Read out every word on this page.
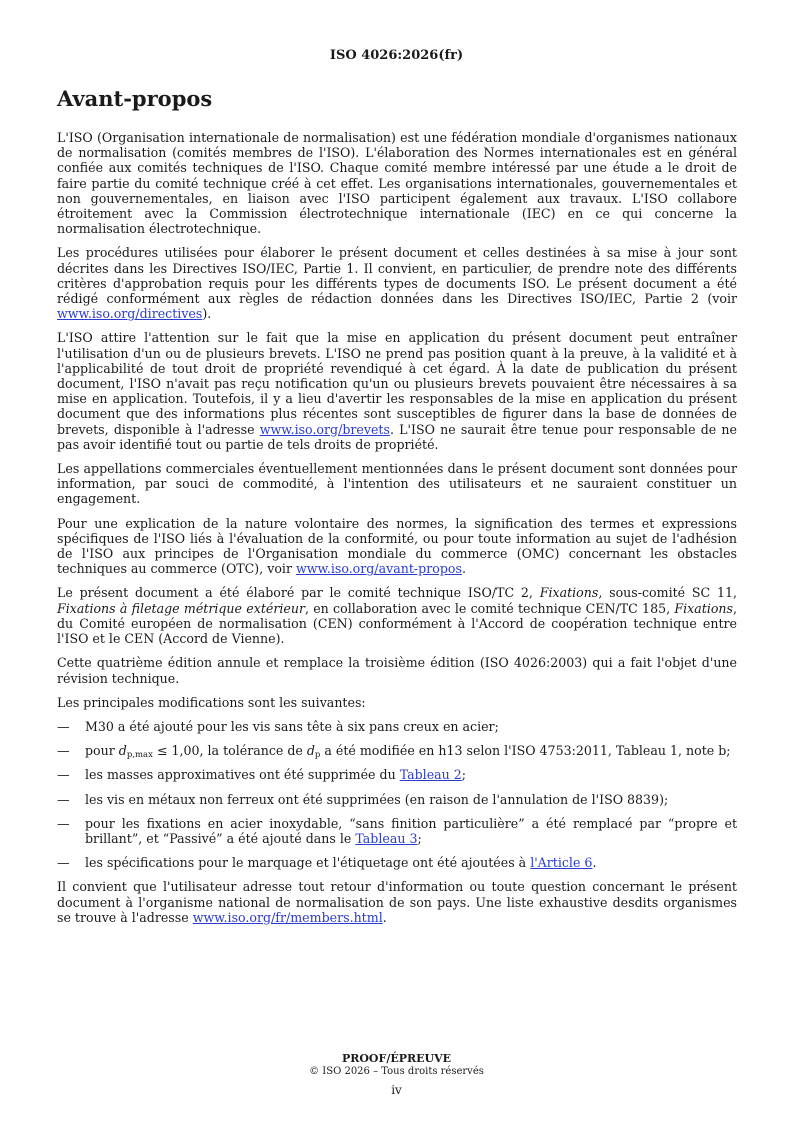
ISO 4026:2026(fr)
Avant-propos

L'ISO (Organisation internationale de normalisation) est une fédération mondiale d'organismes nationaux de normalisation (comités membres de l'ISO). L'élaboration des Normes internationales est en général confiée aux comités techniques de l'ISO. Chaque comité membre intéressé par une étude a le droit de faire partie du comité technique créé à cet effet. Les organisations internationales, gouvernementales et non gouvernementales, en liaison avec l'ISO participent également aux travaux. L'ISO collabore étroitement avec la Commission électrotechnique internationale (IEC) en ce qui concerne la normalisation électrotechnique.

Les procédures utilisées pour élaborer le présent document et celles destinées à sa mise à jour sont décrites dans les Directives ISO/IEC, Partie 1. Il convient, en particulier, de prendre note des différents critères d'approbation requis pour les différents types de documents ISO. Le présent document a été rédigé conformément aux règles de rédaction données dans les Directives ISO/IEC, Partie 2 (voir www.iso.org/directives).

L'ISO attire l'attention sur le fait que la mise en application du présent document peut entraîner l'utilisation d'un ou de plusieurs brevets. L'ISO ne prend pas position quant à la preuve, à la validité et à l'applicabilité de tout droit de propriété revendiqué à cet égard. À la date de publication du présent document, l'ISO n'avait pas reçu notification qu'un ou plusieurs brevets pouvaient être nécessaires à sa mise en application. Toutefois, il y a lieu d'avertir les responsables de la mise en application du présent document que des informations plus récentes sont susceptibles de figurer dans la base de données de brevets, disponible à l'adresse www.iso.org/brevets. L'ISO ne saurait être tenue pour responsable de ne pas avoir identifié tout ou partie de tels droits de propriété.

Les appellations commerciales éventuellement mentionnées dans le présent document sont données pour information, par souci de commodité, à l'intention des utilisateurs et ne sauraient constituer un engagement.

Pour une explication de la nature volontaire des normes, la signification des termes et expressions spécifiques de l'ISO liés à l'évaluation de la conformité, ou pour toute information au sujet de l'adhésion de l'ISO aux principes de l'Organisation mondiale du commerce (OMC) concernant les obstacles techniques au commerce (OTC), voir www.iso.org/avant-propos.

Le présent document a été élaboré par le comité technique ISO/TC 2, Fixations, sous-comité SC 11, Fixations à filetage métrique extérieur, en collaboration avec le comité technique CEN/TC 185, Fixations, du Comité européen de normalisation (CEN) conformément à l'Accord de coopération technique entre l'ISO et le CEN (Accord de Vienne).

Cette quatrième édition annule et remplace la troisième édition (ISO 4026:2003) qui a fait l'objet d'une révision technique.

Les principales modifications sont les suivantes:

— M30 a été ajouté pour les vis sans tête à six pans creux en acier;
— pour $d_{p,max} \le 1,00$, la tolérance de $d_p$ a été modifiée en h13 selon l'ISO 4753:2011, Tableau 1, note b;
— les masses approximatives ont été supprimée du Tableau 2;
— les vis en métaux non ferreux ont été supprimées (en raison de l'annulation de l'ISO 8839);
— pour les fixations en acier inoxydable, “sans finition particulière” a été remplacé par “propre et brillant”, et “Passivé” a été ajouté dans le Tableau 3;
— les spécifications pour le marquage et l'étiquetage ont été ajoutées à l'Article 6.

Il convient que l'utilisateur adresse tout retour d'information ou toute question concernant le présent document à l'organisme national de normalisation de son pays. Une liste exhaustive desdits organismes se trouve à l'adresse www.iso.org/fr/members.html.

PROOF/ÉPREUVE
© ISO 2026 – Tous droits réservés
iv
